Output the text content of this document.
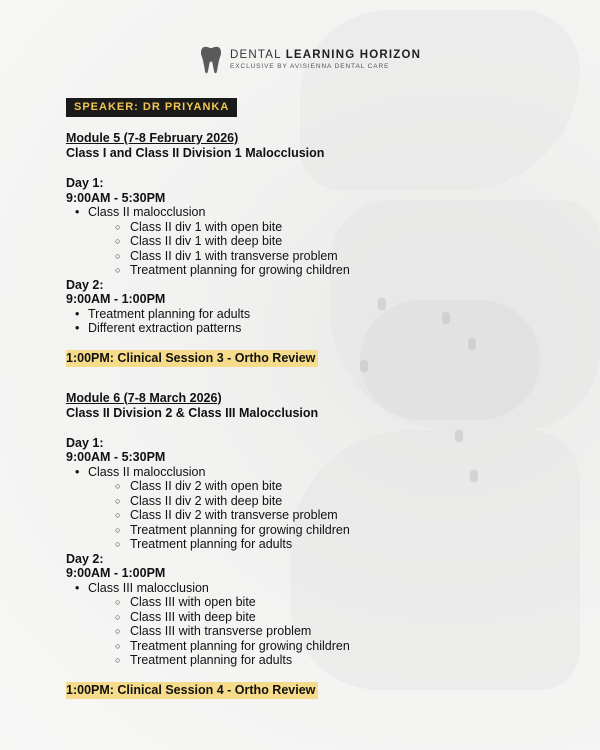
DENTAL LEARNING HORIZON
EXCLUSIVE BY AVISIENNA DENTAL CARE
SPEAKER: DR PRIYANKA
Module 5 (7-8 February 2026)
Class I and Class II Division 1 Malocclusion
Day 1:
9:00AM - 5:30PM
• Class II malocclusion
○ Class II div 1 with open bite
○ Class II div 1 with deep bite
○ Class II div 1 with transverse problem
○ Treatment planning for growing children
Day 2:
9:00AM - 1:00PM
• Treatment planning for adults
• Different extraction patterns
1:00PM: Clinical Session 3 - Ortho Review
Module 6 (7-8 March 2026)
Class II Division 2 & Class III Malocclusion
Day 1:
9:00AM - 5:30PM
• Class II malocclusion
○ Class II div 2 with open bite
○ Class II div 2 with deep bite
○ Class II div 2 with transverse problem
○ Treatment planning for growing children
○ Treatment planning for adults
Day 2:
9:00AM - 1:00PM
• Class III malocclusion
○ Class III with open bite
○ Class III with deep bite
○ Class III with transverse problem
○ Treatment planning for growing children
○ Treatment planning for adults
1:00PM: Clinical Session 4 - Ortho Review
